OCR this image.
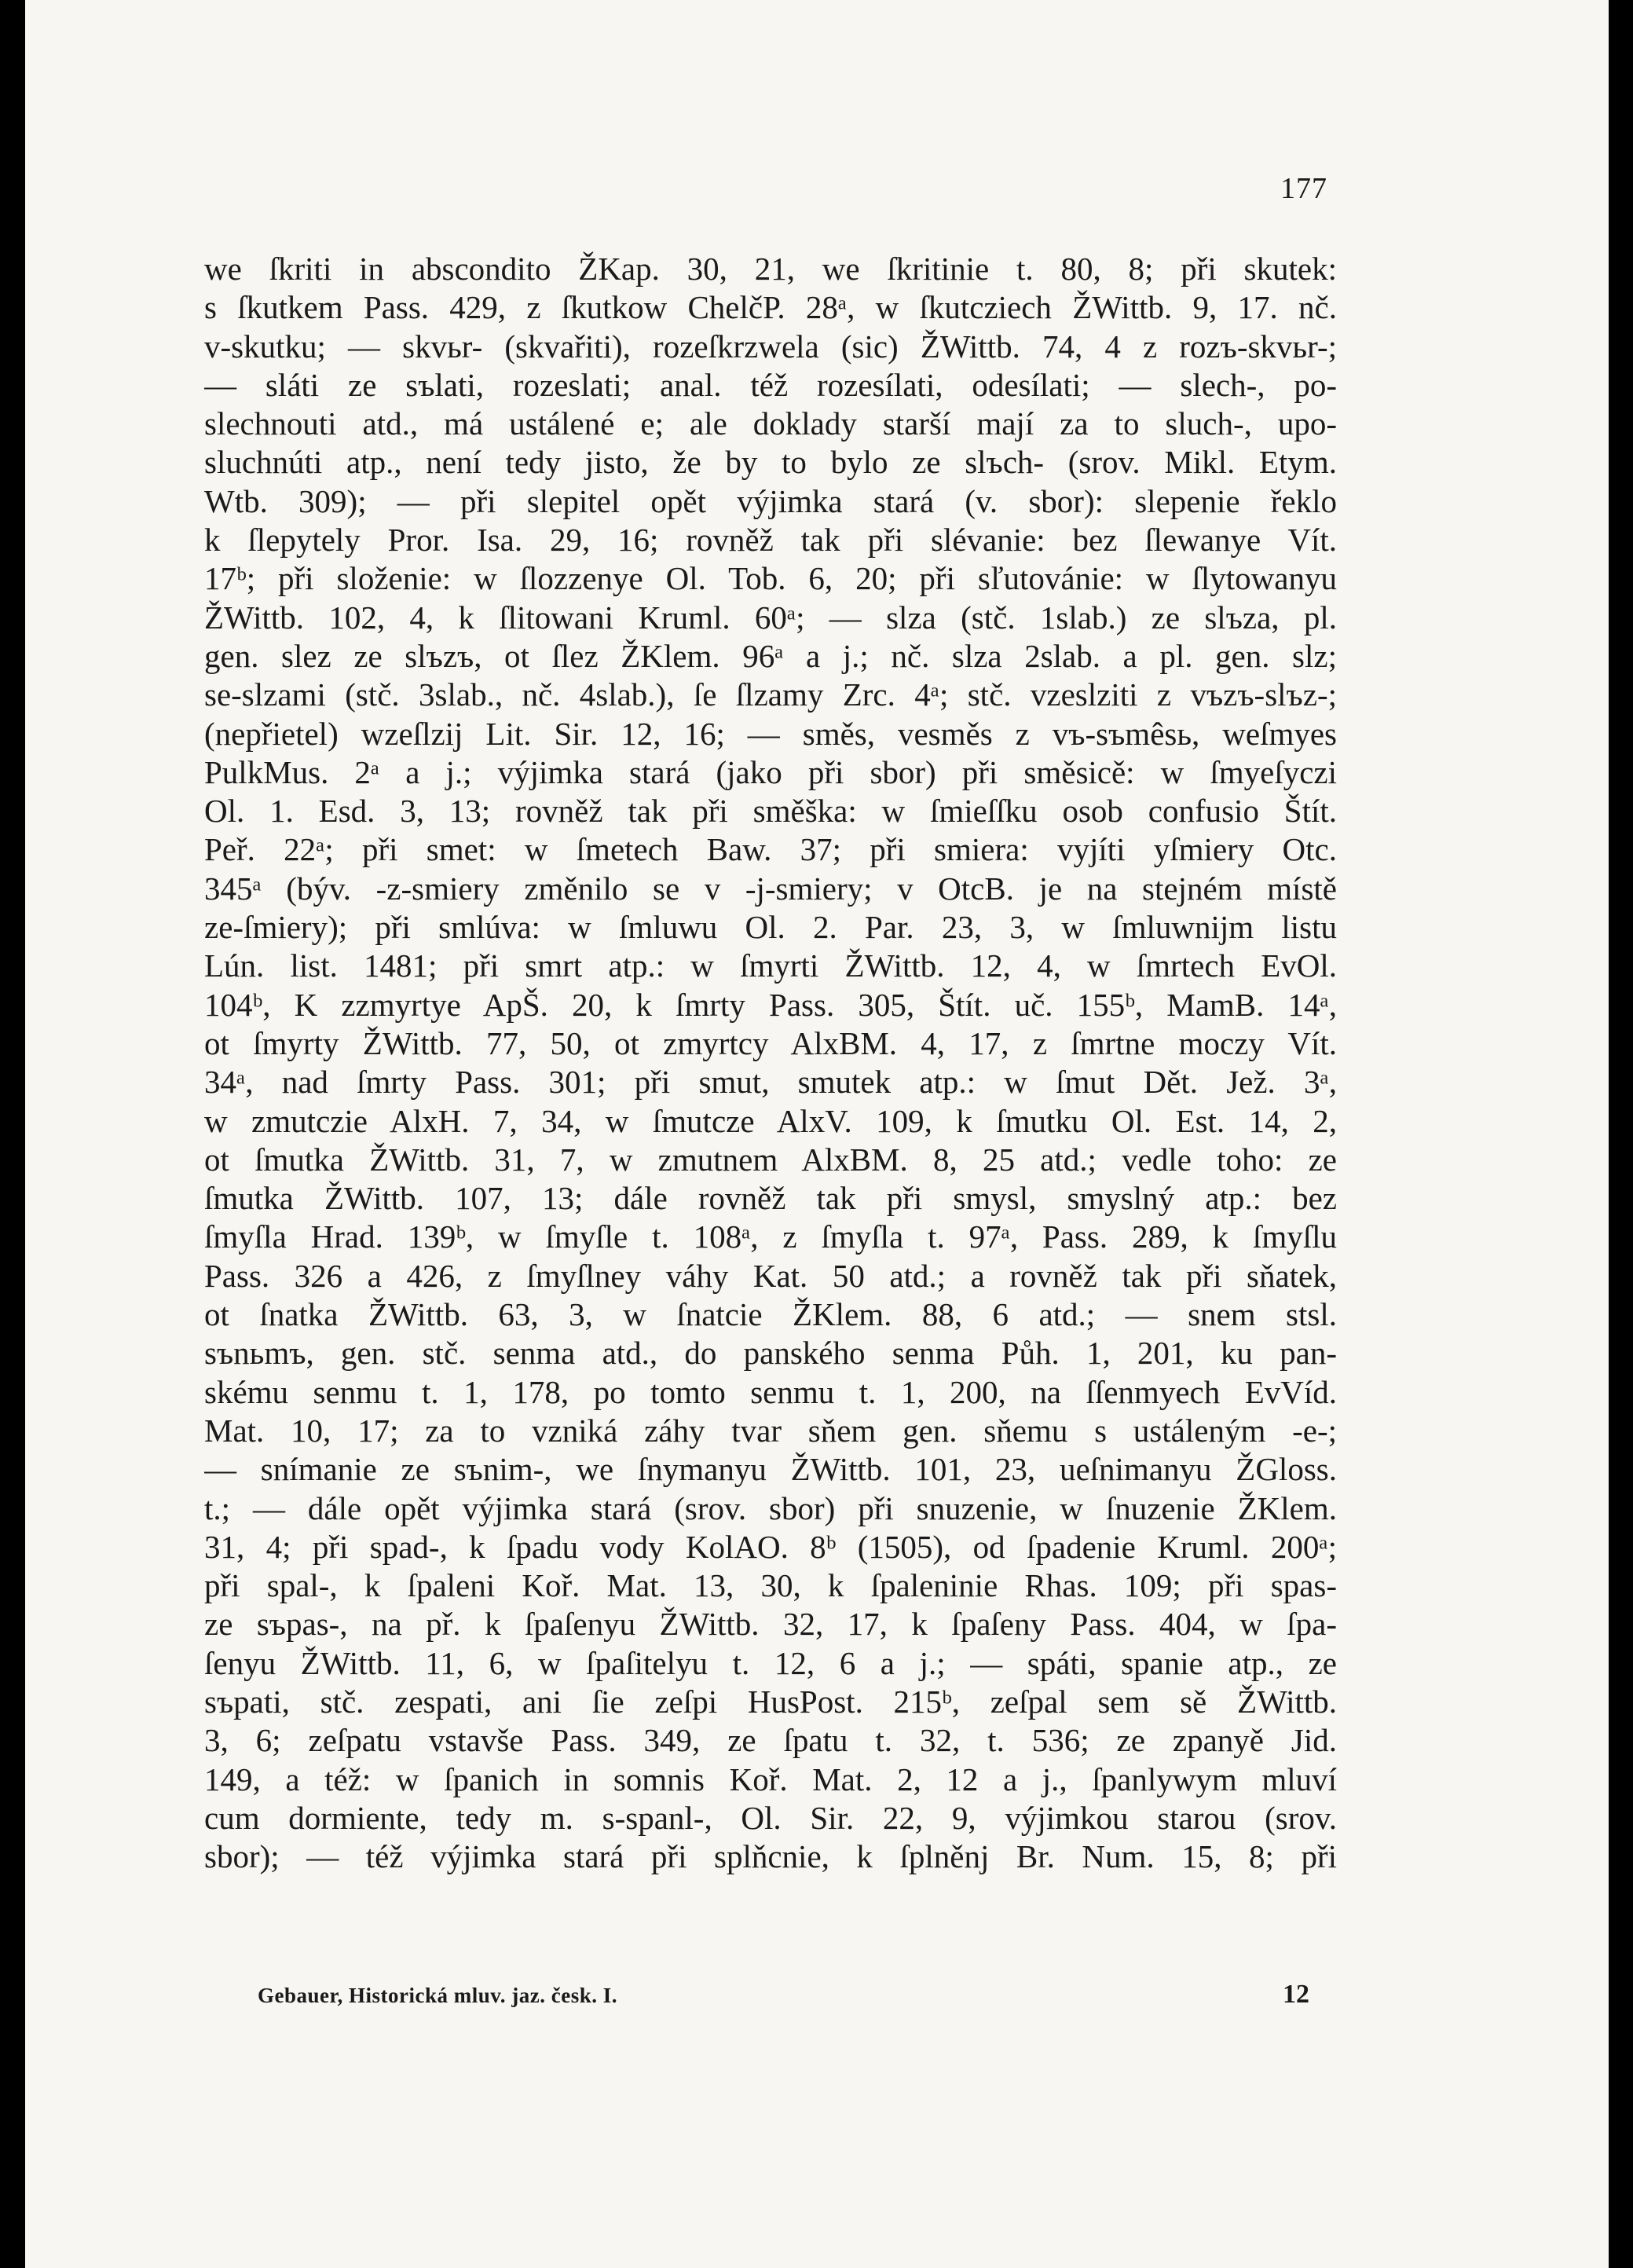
177
we ſkriti in abscondito ŽKap. 30, 21, we ſkritinie t. 80, 8; při skutek:
s ſkutkem Pass. 429, z ſkutkow ChelčP. 28ᵃ, w ſkutcziech ŽWittb. 9, 17. nč.
v-skutku; — skvьr- (skvařiti), rozeſkrzwela (sic) ŽWittb. 74, 4 z rozъ-skvьr-;
— sláti ze sъlati, rozeslati; anal. též rozesílati, odesílati; — slech-, po-
slechnouti atd., má ustálené e; ale doklady starší mají za to sluch-, upo-
sluchnúti atp., není tedy jisto, že by to bylo ze slъch- (srov. Mikl. Etym.
Wtb. 309); — při slepitel opět výjimka stará (v. sbor): slepenie řeklo
k ſlepytely Pror. Isa. 29, 16; rovněž tak při slévanie: bez ſlewanye Vít.
17ᵇ; při složenie: w ſlozzenye Ol. Tob. 6, 20; při sľutovánie: w ſlytowanyu
ŽWittb. 102, 4, k ſlitowani Kruml. 60ᵃ; — slza (stč. 1slab.) ze slъza, pl.
gen. slez ze slъzъ, ot ſlez ŽKlem. 96ᵃ a j.; nč. slza 2slab. a pl. gen. slz;
se-slzami (stč. 3slab., nč. 4slab.), ſe ſlzamy Zrc. 4ᵃ; stč. vzeslziti z vъzъ-slъz-;
(nepřietel) wzeſlzij Lit. Sir. 12, 16; — směs, vesměs z vъ-sъmêsь, weſmyes
PulkMus. 2ᵃ a j.; výjimka stará (jako při sbor) při směsicě: w ſmyeſyczi
Ol. 1. Esd. 3, 13; rovněž tak při směška: w ſmieſſku osob confusio Štít.
Peř. 22ᵃ; při smet: w ſmetech Baw. 37; při smiera: vyjíti yſmiery Otc.
345ᵃ (býv. -z-smiery změnilo se v -j-smiery; v OtcB. je na stejném místě
ze-ſmiery); při smlúva: w ſmluwu Ol. 2. Par. 23, 3, w ſmluwnijm listu
Lún. list. 1481; při smrt atp.: w ſmyrti ŽWittb. 12, 4, w ſmrtech EvOl.
104ᵇ, K zzmyrtye ApŠ. 20, k ſmrty Pass. 305, Štít. uč. 155ᵇ, MamB. 14ᵃ,
ot ſmyrty ŽWittb. 77, 50, ot zmyrtcy AlxBM. 4, 17, z ſmrtne moczy Vít.
34ᵃ, nad ſmrty Pass. 301; při smut, smutek atp.: w ſmut Dět. Jež. 3ᵃ,
w zmutczie AlxH. 7, 34, w ſmutcze AlxV. 109, k ſmutku Ol. Est. 14, 2,
ot ſmutka ŽWittb. 31, 7, w zmutnem AlxBM. 8, 25 atd.; vedle toho: ze
ſmutka ŽWittb. 107, 13; dále rovněž tak při smysl, smyslný atp.: bez
ſmyſla Hrad. 139ᵇ, w ſmyſle t. 108ᵃ, z ſmyſla t. 97ᵃ, Pass. 289, k ſmyſlu
Pass. 326 a 426, z ſmyſlney váhy Kat. 50 atd.; a rovněž tak při sňatek,
ot ſnatka ŽWittb. 63, 3, w ſnatcie ŽKlem. 88, 6 atd.; — snem stsl.
sъnьmъ, gen. stč. senma atd., do panského senma Půh. 1, 201, ku pan-
skému senmu t. 1, 178, po tomto senmu t. 1, 200, na ſſenmyech EvVíd.
Mat. 10, 17; za to vzniká záhy tvar sňem gen. sňemu s ustáleným -e-;
— snímanie ze sъnim-, we ſnymanyu ŽWittb. 101, 23, ueſnimanyu ŽGloss.
t.; — dále opět výjimka stará (srov. sbor) při snuzenie, w ſnuzenie ŽKlem.
31, 4; při spad-, k ſpadu vody KolAO. 8ᵇ (1505), od ſpadenie Kruml. 200ᵃ;
při spal-, k ſpaleni Koř. Mat. 13, 30, k ſpaleninie Rhas. 109; při spas-
ze sъpas-, na př. k ſpaſenyu ŽWittb. 32, 17, k ſpaſeny Pass. 404, w ſpa-
ſenyu ŽWittb. 11, 6, w ſpaſitelyu t. 12, 6 a j.; — spáti, spanie atp., ze
sъpati, stč. zespati, ani ſie zeſpi HusPost. 215ᵇ, zeſpal sem sě ŽWittb.
3, 6; zeſpatu vstavše Pass. 349, ze ſpatu t. 32, t. 536; ze zpanyě Jid.
149, a též: w ſpanich in somnis Koř. Mat. 2, 12 a j., ſpanlywym mluví
cum dormiente, tedy m. s-spanl-, Ol. Sir. 22, 9, výjimkou starou (srov.
sbor); — též výjimka stará při splňcnie, k ſplněnj Br. Num. 15, 8; při
Gebauer, Historická mluv. jaz. česk. I.	12
